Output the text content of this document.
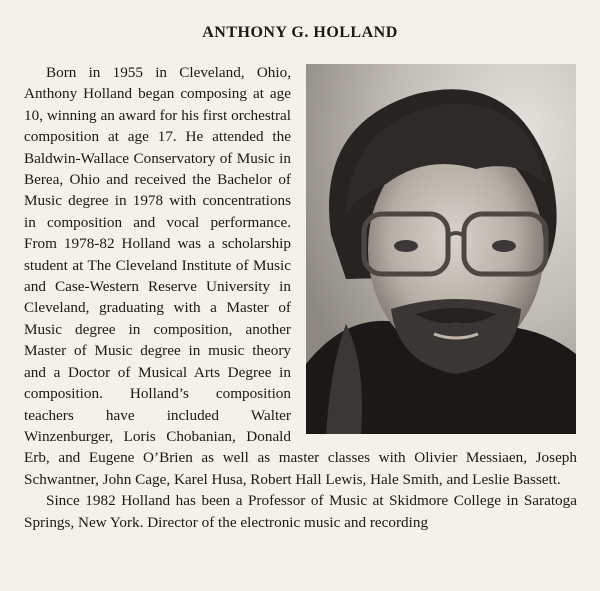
ANTHONY G. HOLLAND

Born in 1955 in Cleveland, Ohio, Anthony Holland began composing at age 10, winning an award for his first orchestral composition at age 17. He attended the Baldwin-Wallace Conservatory of Music in Berea, Ohio and received the Bachelor of Music degree in 1978 with concentrations in composition and vocal performance. From 1978-82 Holland was a scholarship student at The Cleveland Institute of Music and Case-Western Reserve University in Cleveland, graduating with a Master of Music degree in composition, another Master of Music degree in music theory and a Doctor of Musical Arts Degree in composition. Holland’s composition teachers have included Walter Winzenburger, Loris Chobanian, Donald Erb, and Eugene O’Brien as well as master classes with Olivier Messiaen, Joseph Schwantner, John Cage, Karel Husa, Robert Hall Lewis, Hale Smith, and Leslie Bassett.

Since 1982 Holland has been a Professor of Music at Skidmore College in Saratoga Springs, New York. Director of the electronic music and recording
